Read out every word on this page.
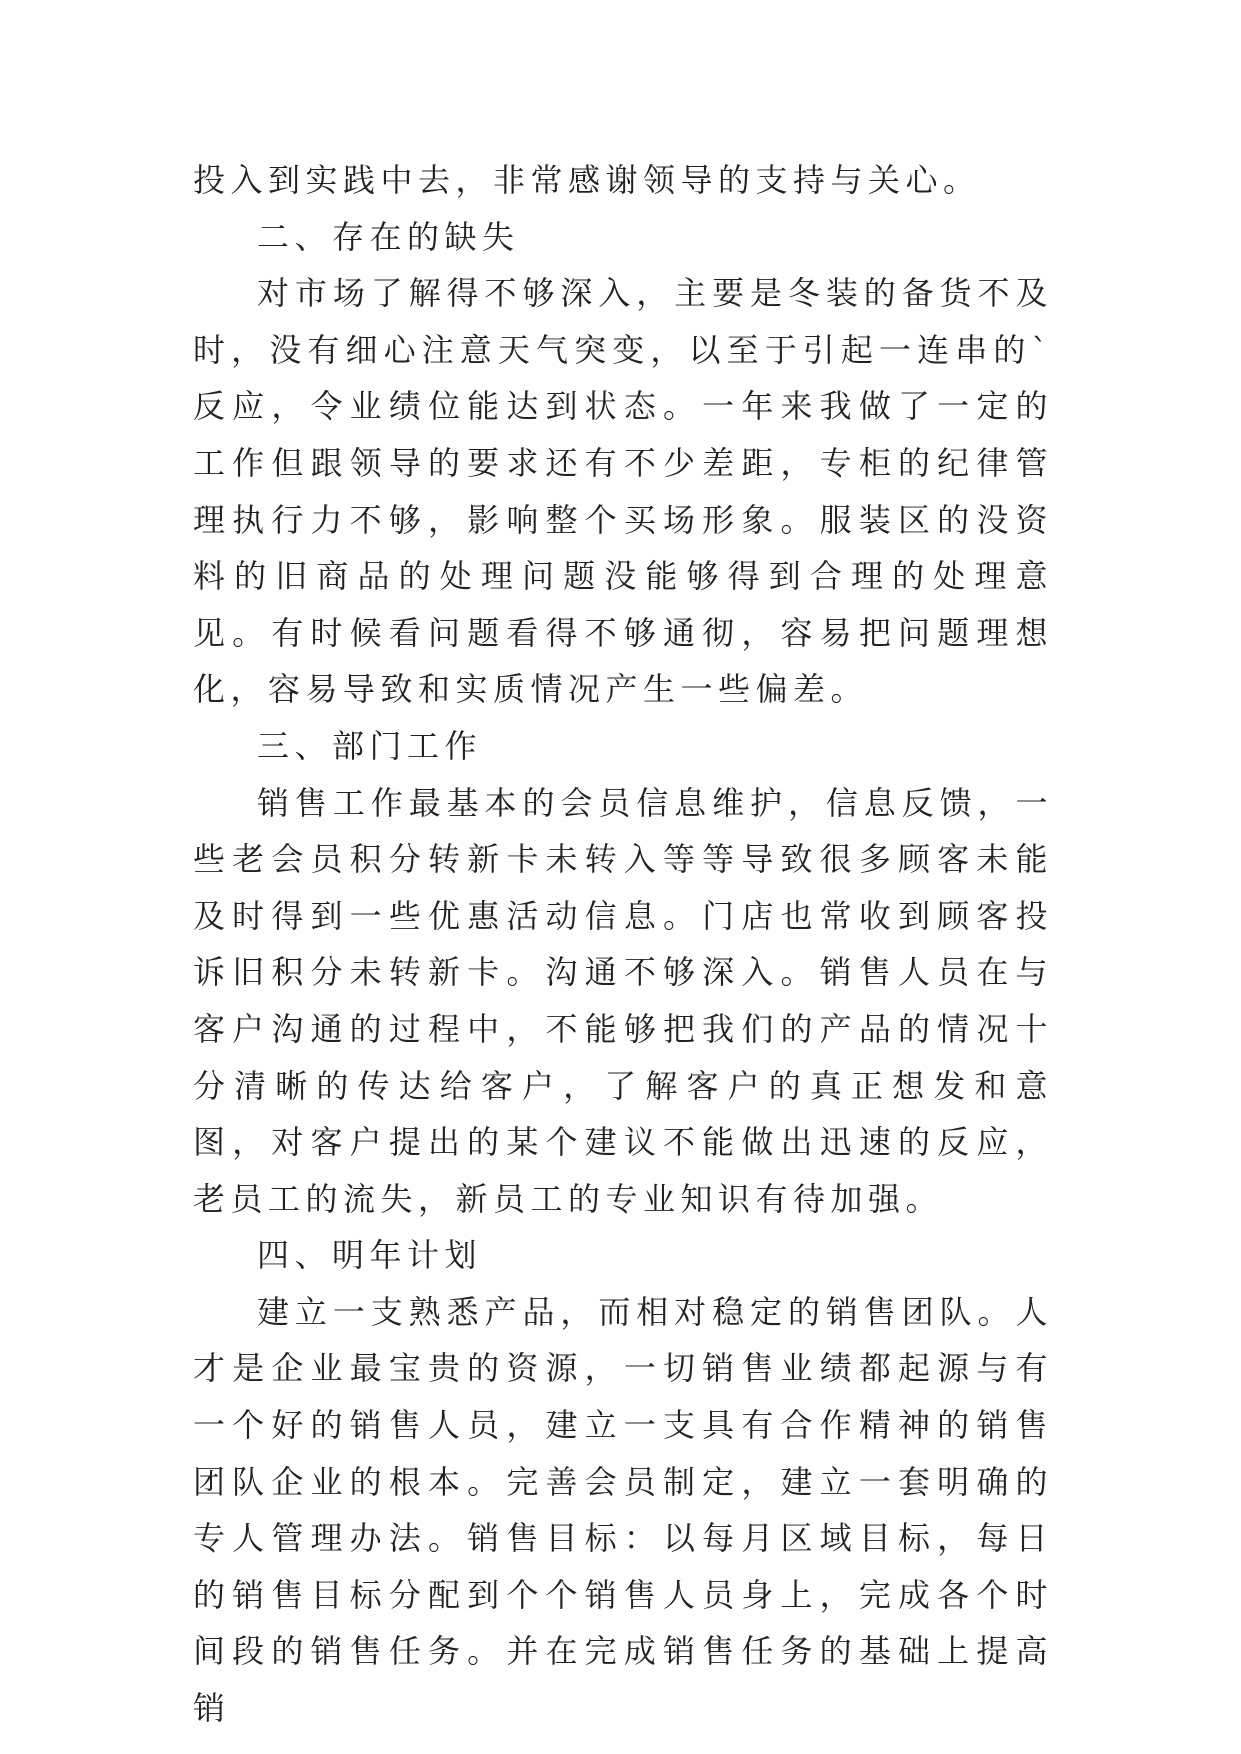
投入到实践中去，非常感谢领导的支持与关心。

二、存在的缺失

对市场了解得不够深入，主要是冬装的备货不及时，没有细心注意天气突变，以至于引起一连串的`反应，令业绩位能达到状态。一年来我做了一定的工作但跟领导的要求还有不少差距，专柜的纪律管理执行力不够，影响整个买场形象。服装区的没资料的旧商品的处理问题没能够得到合理的处理意见。有时候看问题看得不够通彻，容易把问题理想化，容易导致和实质情况产生一些偏差。

三、部门工作

销售工作最基本的会员信息维护，信息反馈，一些老会员积分转新卡未转入等等导致很多顾客未能及时得到一些优惠活动信息。门店也常收到顾客投诉旧积分未转新卡。沟通不够深入。销售人员在与客户沟通的过程中，不能够把我们的产品的情况十分清晰的传达给客户，了解客户的真正想发和意图，对客户提出的某个建议不能做出迅速的反应，老员工的流失，新员工的专业知识有待加强。

四、明年计划

建立一支熟悉产品，而相对稳定的销售团队。人才是企业最宝贵的资源，一切销售业绩都起源与有一个好的销售人员，建立一支具有合作精神的销售团队企业的根本。完善会员制定，建立一套明确的专人管理办法。销售目标：以每月区域目标，每日的销售目标分配到个个销售人员身上，完成各个时间段的销售任务。并在完成销售任务的基础上提高销
